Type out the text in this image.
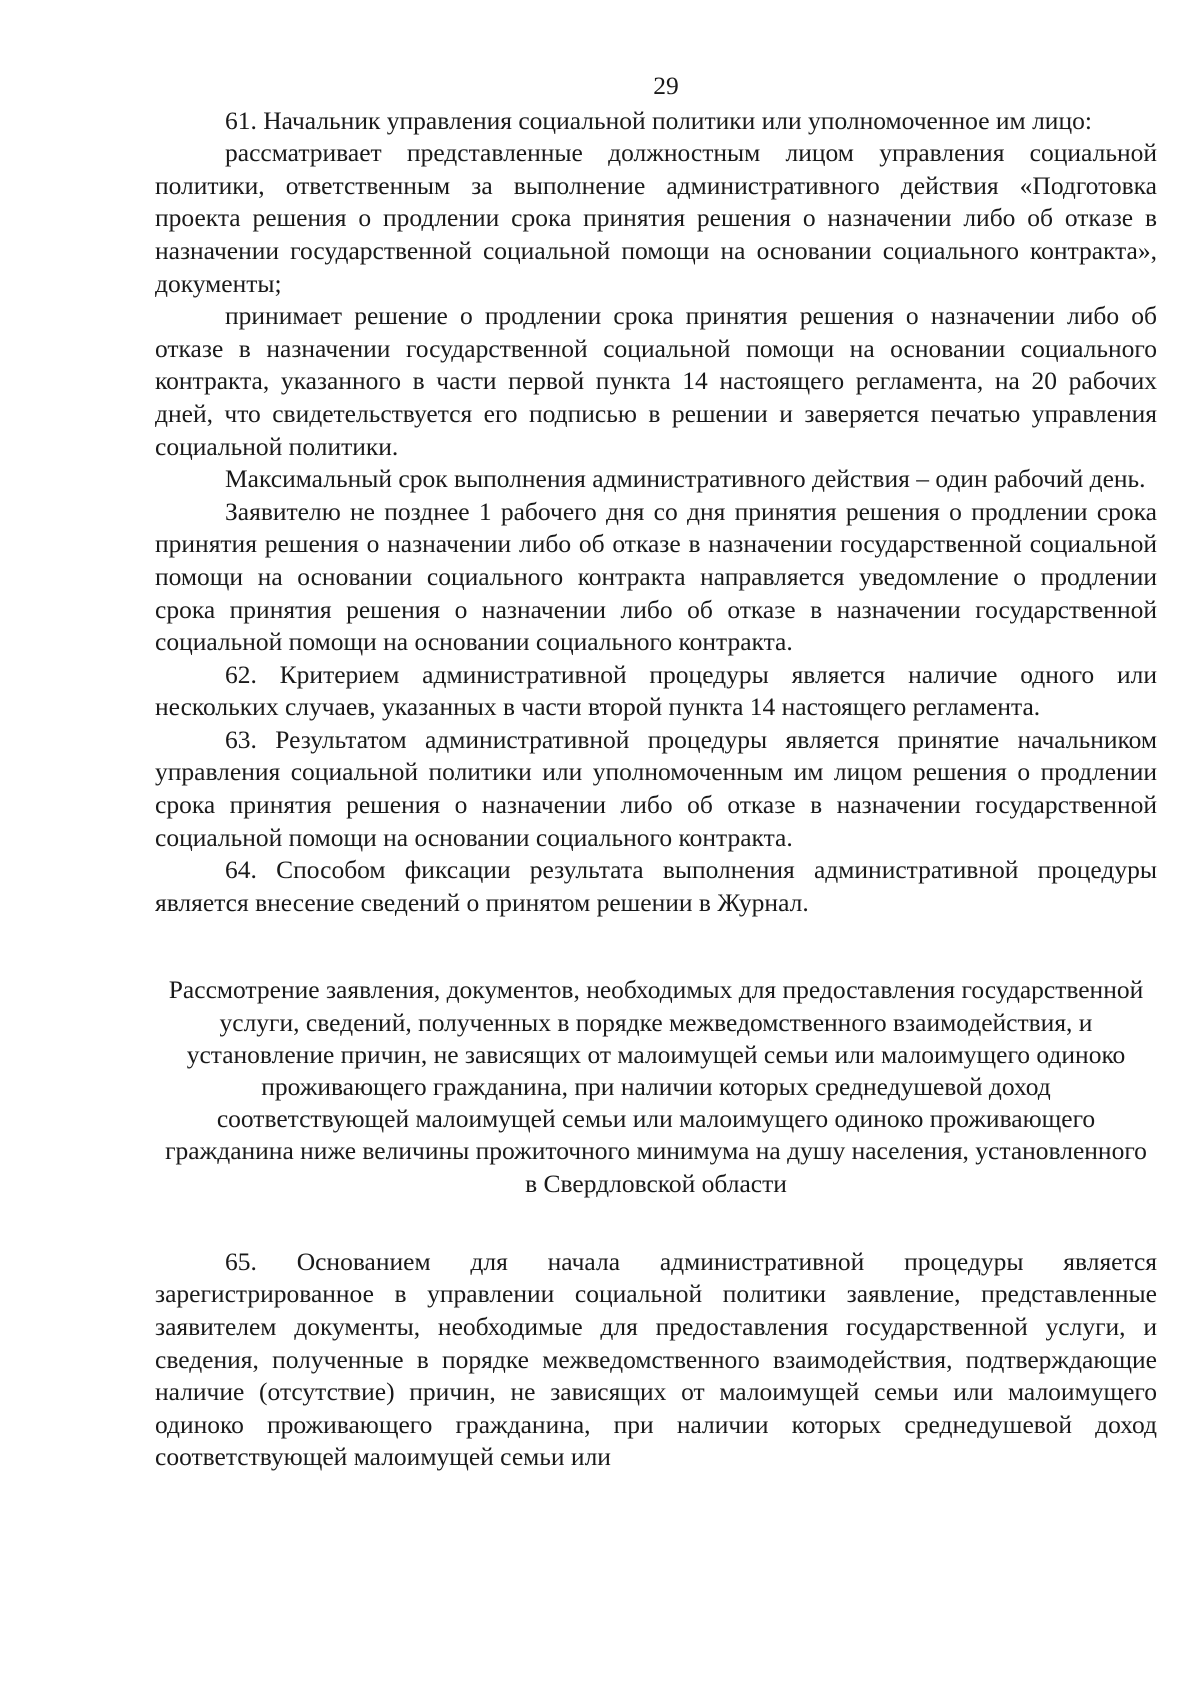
29

61. Начальник управления социальной политики или уполномоченное им лицо:

рассматривает представленные должностным лицом управления социальной политики, ответственным за выполнение административного действия «Подготовка проекта решения о продлении срока принятия решения о назначении либо об отказе в назначении государственной социальной помощи на основании социального контракта», документы;

принимает решение о продлении срока принятия решения о назначении либо об отказе в назначении государственной социальной помощи на основании социального контракта, указанного в части первой пункта 14 настоящего регламента, на 20 рабочих дней, что свидетельствуется его подписью в решении и заверяется печатью управления социальной политики.

Максимальный срок выполнения административного действия – один рабочий день.

Заявителю не позднее 1 рабочего дня со дня принятия решения о продлении срока принятия решения о назначении либо об отказе в назначении государственной социальной помощи на основании социального контракта направляется уведомление о продлении срока принятия решения о назначении либо об отказе в назначении государственной социальной помощи на основании социального контракта.

62. Критерием административной процедуры является наличие одного или нескольких случаев, указанных в части второй пункта 14 настоящего регламента.

63. Результатом административной процедуры является принятие начальником управления социальной политики или уполномоченным им лицом решения о продлении срока принятия решения о назначении либо об отказе в назначении государственной социальной помощи на основании социального контракта.

64. Способом фиксации результата выполнения административной процедуры является внесение сведений о принятом решении в Журнал.

Рассмотрение заявления, документов, необходимых для предоставления государственной услуги, сведений, полученных в порядке межведомственного взаимодействия, и установление причин, не зависящих от малоимущей семьи или малоимущего одиноко проживающего гражданина, при наличии которых среднедушевой доход соответствующей малоимущей семьи или малоимущего одиноко проживающего гражданина ниже величины прожиточного минимума на душу населения, установленного в Свердловской области

65. Основанием для начала административной процедуры является зарегистрированное в управлении социальной политики заявление, представленные заявителем документы, необходимые для предоставления государственной услуги, и сведения, полученные в порядке межведомственного взаимодействия, подтверждающие наличие (отсутствие) причин, не зависящих от малоимущей семьи или малоимущего одиноко проживающего гражданина, при наличии которых среднедушевой доход соответствующей малоимущей семьи или
